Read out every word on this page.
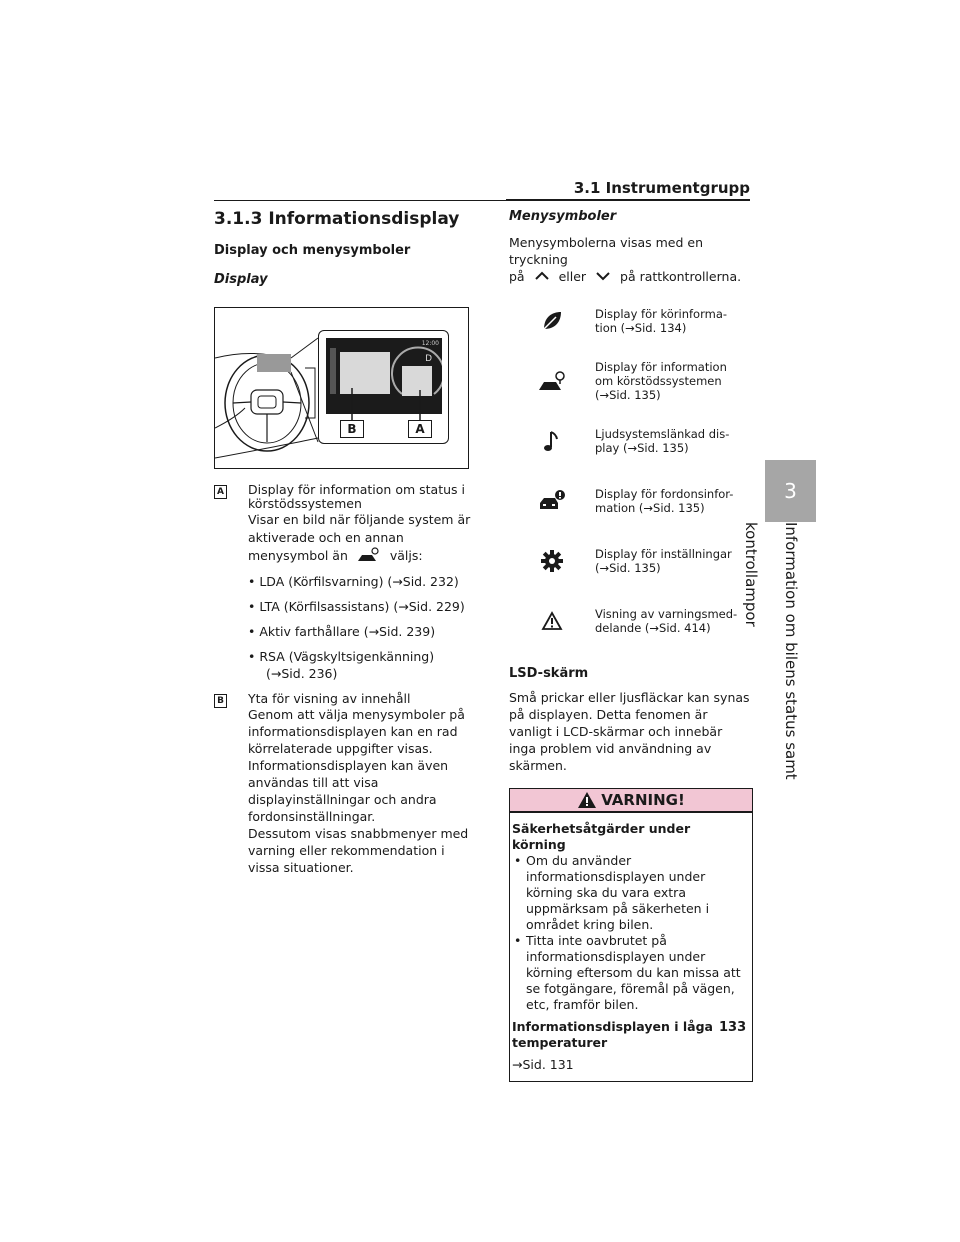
3.1 Instrumentgrupp
3
Information om bilens status samt kontrollampor
133
3.1.3 Informationsdisplay
Display och menysymboler
Display
12:00
D
B	A
A Display för information om status i körstödssystemen

Visar en bild när följande system är aktiverade och en annan menysymbol än	väljs:

• LDA (Körfilsvarning) (→Sid. 232)

• LTA (Körfilsassistans) (→Sid. 229)

• Aktiv farthållare (→Sid. 239)

• RSA (Vägskyltsigenkänning)

(→Sid. 236)

B Yta för visning av innehåll

Genom att välja menysymboler på informationsdisplayen kan en rad körrelaterade uppgifter visas. Informationsdisplayen kan även användas till att visa displayinställningar och andra fordonsinställningar.

Dessutom visas snabbmenyer med varning eller rekommendation i vissa situationer.

Menysymboler

Menysymbolerna visas med en tryckning
på	eller	på rattkontrollerna.

Display för körinforma-
tion (→Sid. 134)
Display för information
om körstödssystemen
(→Sid. 135)
Ljudsystemslänkad dis-
play (→Sid. 135)
Display för fordonsinfor-
mation (→Sid. 135)
Display för inställningar
(→Sid. 135)
Visning av varningsmed-
delande (→Sid. 414)
LSD-skärm

Små prickar eller ljusfläckar kan synas på displayen. Detta fenomen är vanligt i LCD-skärmar och innebär inga problem vid användning av skärmen.

VARNING!
Säkerhetsåtgärder under körning
• Om du använder informationsdisplayen under körning ska du vara extra uppmärksam på säkerheten i området kring bilen.
• Titta inte oavbrutet på informationsdisplayen under körning eftersom du kan missa att se fotgängare, föremål på vägen, etc, framför bilen.
Informationsdisplayen i låga temperaturer
→Sid. 131
